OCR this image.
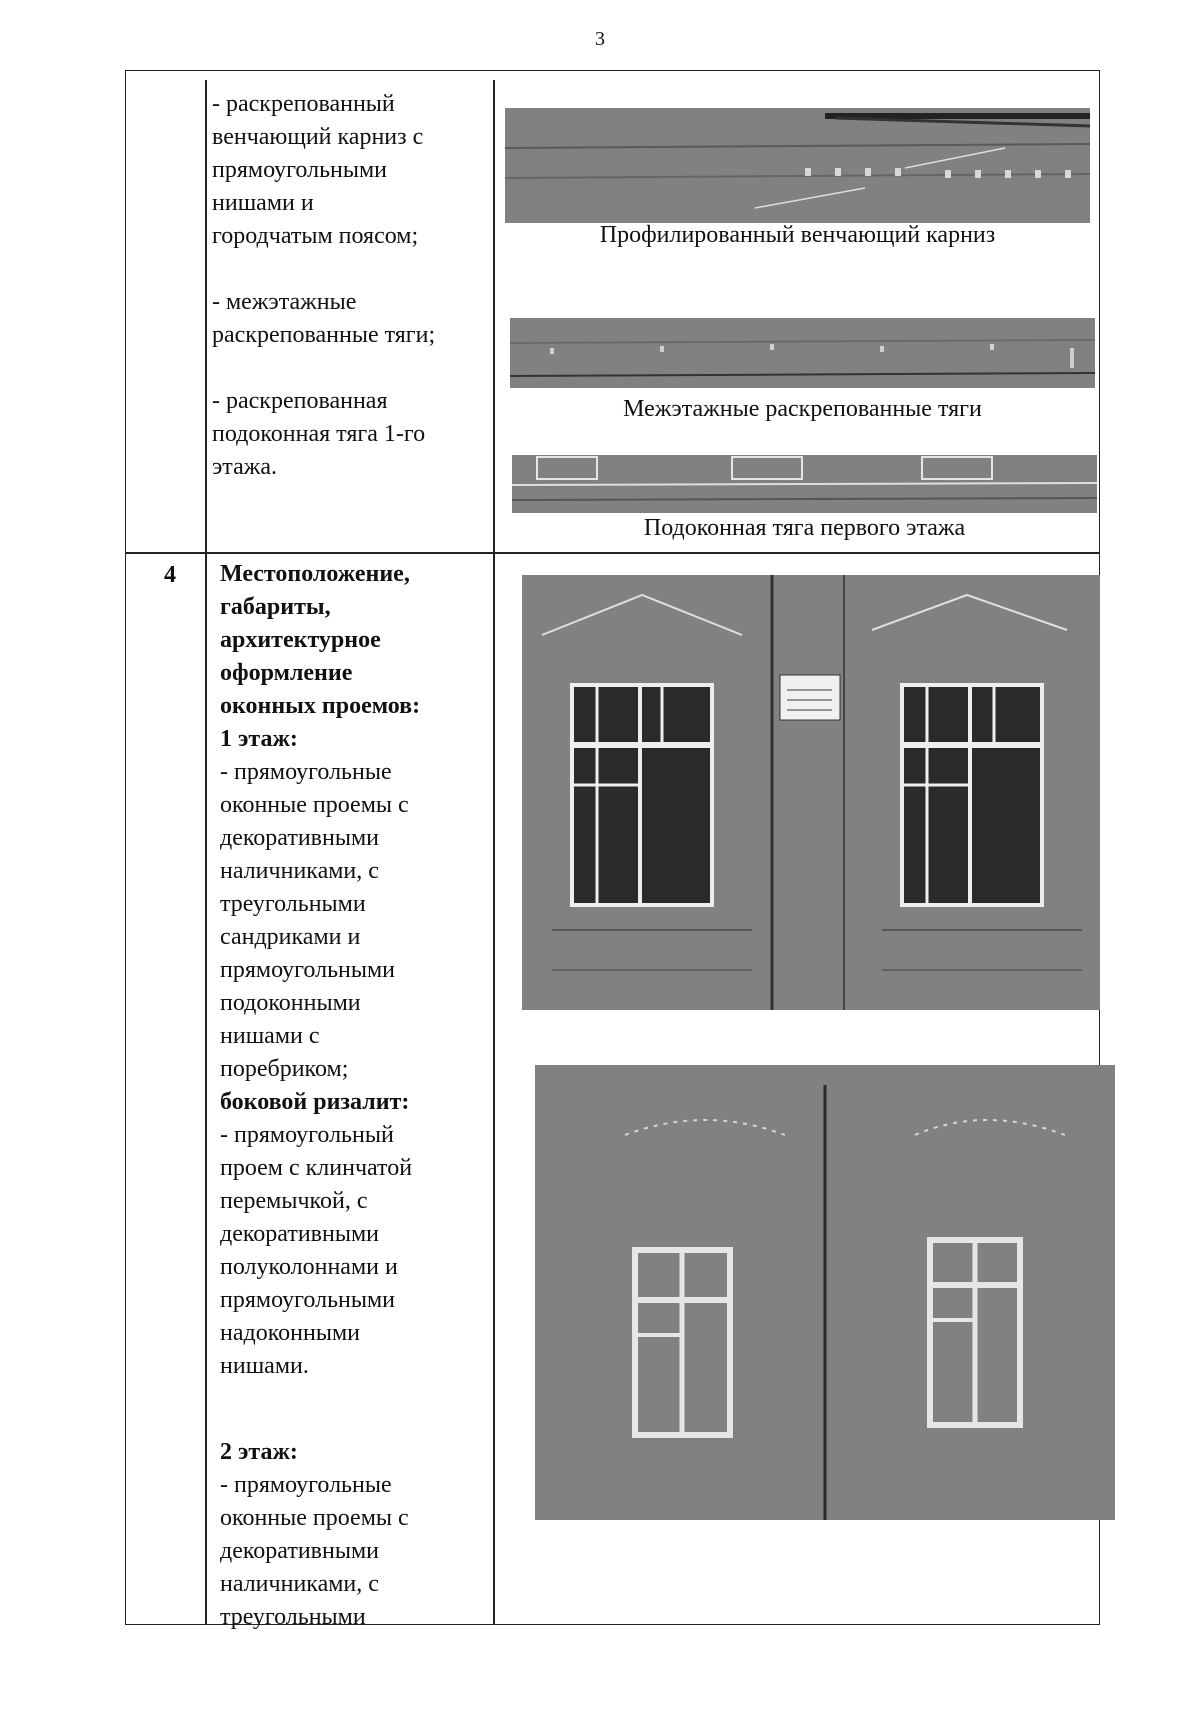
3

- раскрепованный

венчающий карниз с

прямоугольными

нишами и

городчатым поясом;

- межэтажные

раскрепованные тяги;

- раскрепованная

подоконная тяга 1-го

этажа.

Профилированный венчающий карниз
Межэтажные раскрепованные тяги
Подоконная тяга первого этажа
4 Местоположение,

габариты,

архитектурное

оформление

оконных проемов:

1 этаж:

- прямоугольные

оконные проемы с

декоративными

наличниками, с

треугольными

сандриками и

прямоугольными

подоконными

нишами с

поребриком;

боковой ризалит:

- прямоугольный

проем с клинчатой

перемычкой, с

декоративными

полуколоннами и

прямоугольными

надоконными

нишами.

2 этаж:

- прямоугольные

оконные проемы с

декоративными

наличниками, с

треугольными
